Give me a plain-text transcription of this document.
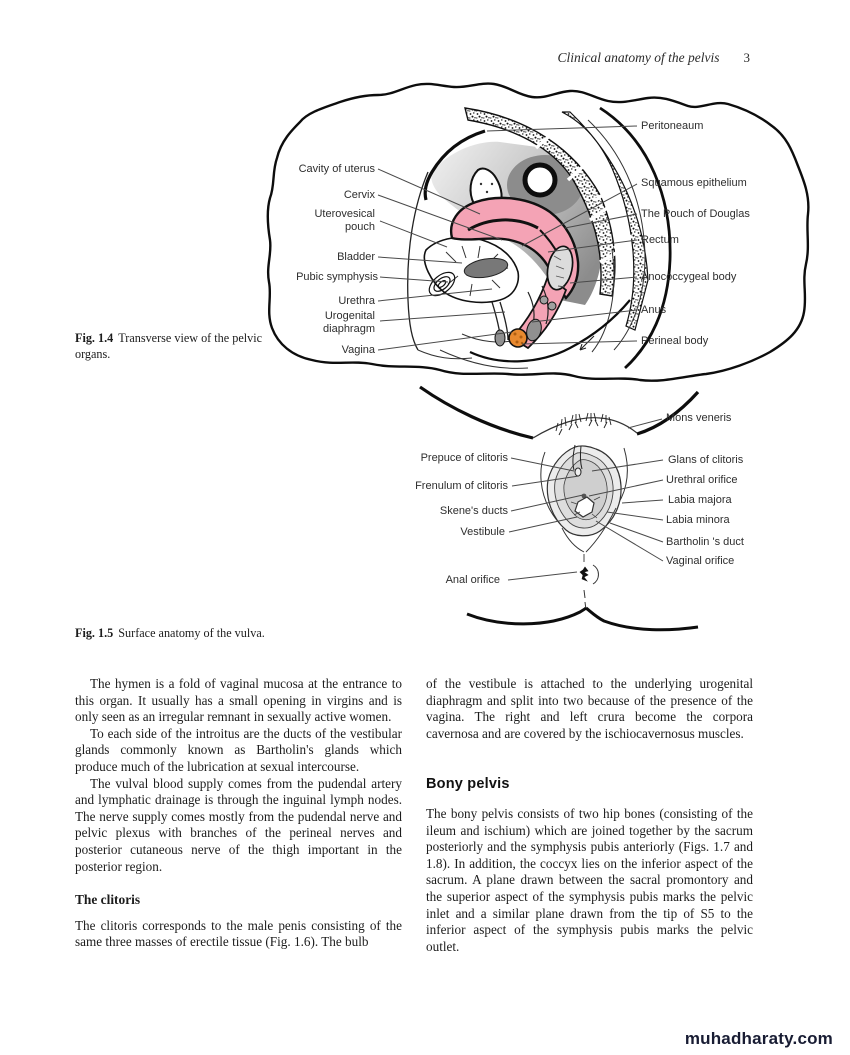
Clinical anatomy of the pelvis 3
Cavity of uterus
Cervix
Uterovesical pouch
Bladder
Pubic symphysis
Urethra
Urogenital diaphragm
Vagina
Peritoneaum
Squamous epithelium
The Pouch of Douglas
Rectum
Anococcygeal body
Anus
Perineal body
Prepuce of clitoris
Frenulum of clitoris
Skene's ducts
Vestibule
Anal orifice
Mons veneris
Glans of clitoris
Urethral orifice
Labia majora
Labia minora
Bartholin 's duct
Vaginal orifice

Fig. 1.4 Transverse view of the pelvic organs.

Fig. 1.5 Surface anatomy of the vulva.

The hymen is a fold of vaginal mucosa at the entrance to this organ. It usually has a small opening in virgins and is only seen as an irregular remnant in sexually active women.

To each side of the introitus are the ducts of the vestibular glands commonly known as Bartholin's glands which produce much of the lubrication at sexual intercourse.

The vulval blood supply comes from the pudendal artery and lymphatic drainage is through the inguinal lymph nodes. The nerve supply comes mostly from the pudendal nerve and pelvic plexus with branches of the perineal nerves and posterior cutaneous nerve of the thigh important in the posterior region.

The clitoris

The clitoris corresponds to the male penis consisting of the same three masses of erectile tissue (Fig. 1.6). The bulb

of the vestibule is attached to the underlying urogenital diaphragm and split into two because of the presence of the vagina. The right and left crura become the corpora cavernosa and are covered by the ischiocavernosus muscles.

Bony pelvis

The bony pelvis consists of two hip bones (consisting of the ileum and ischium) which are joined together by the sacrum posteriorly and the symphysis pubis anteriorly (Figs. 1.7 and 1.8). In addition, the coccyx lies on the inferior aspect of the sacrum. A plane drawn between the sacral promontory and the superior aspect of the symphysis pubis marks the pelvic inlet and a similar plane drawn from the tip of S5 to the inferior aspect of the symphysis pubis marks the pelvic outlet.

muhadharaty.com
